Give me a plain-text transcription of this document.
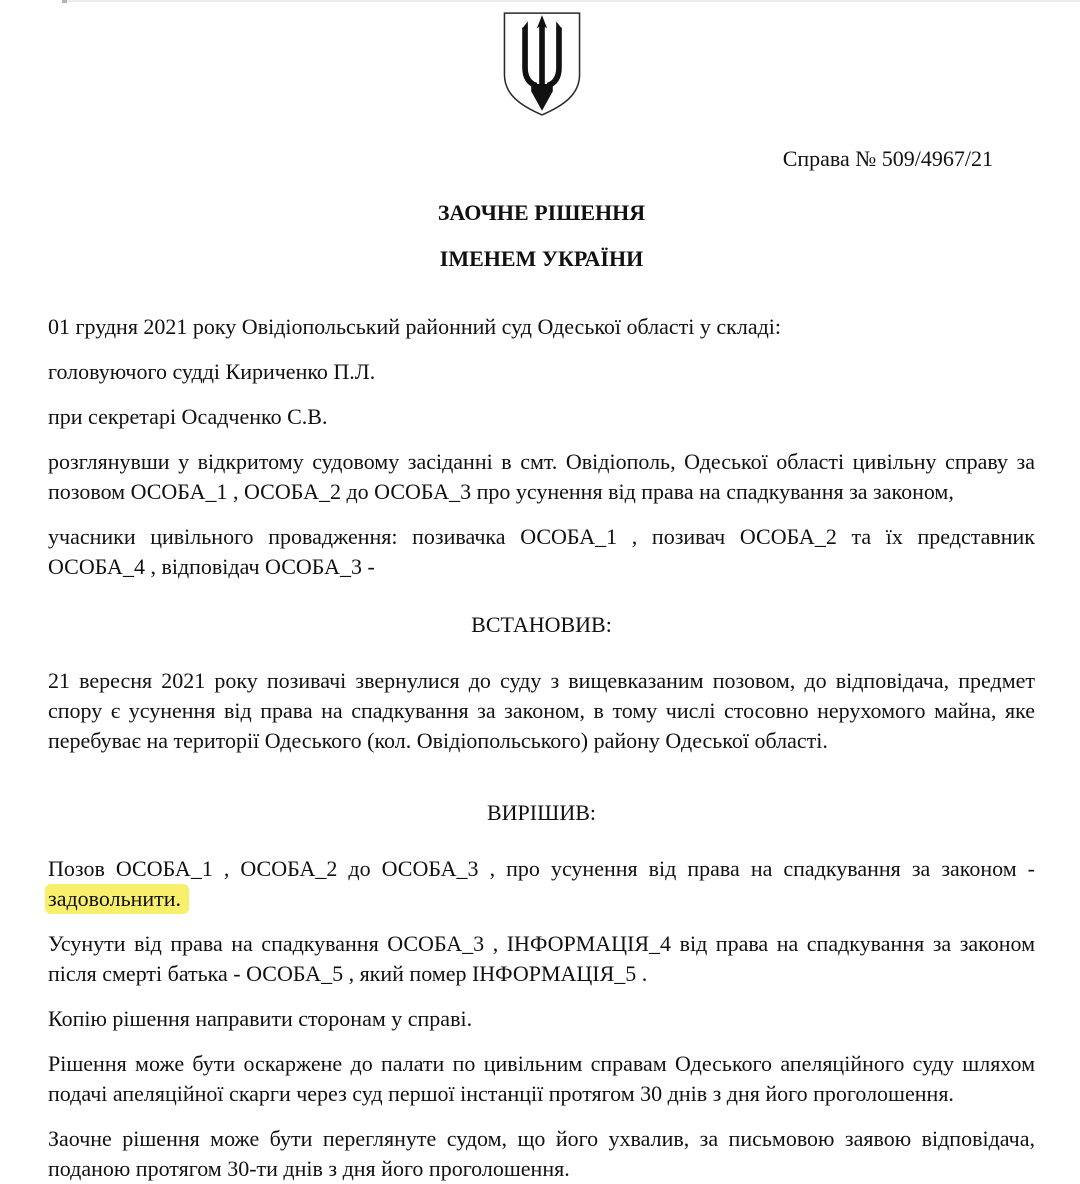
Справа № 509/4967/21
ЗАОЧНЕ РІШЕННЯ
ІМЕНЕМ УКРАЇНИ

01 грудня 2021 року Овідіопольський районний суд Одеської області у складі:

головуючого судді Кириченко П.Л.

при секретарі Осадченко С.В.

розглянувши у відкритому судовому засіданні в смт. Овідіополь, Одеської області цивільну справу за позовом ОСОБА_1 , ОСОБА_2 до ОСОБА_3 про усунення від права на спадкування за законом,

учасники цивільного провадження: позивачка ОСОБА_1 , позивач ОСОБА_2 та їх представник ОСОБА_4 , відповідач ОСОБА_3 -

ВСТАНОВИВ:

21 вересня 2021 року позивачі звернулися до суду з вищевказаним позовом, до відповідача, предмет спору є усунення від права на спадкування за законом, в тому числі стосовно нерухомого майна, яке перебуває на території Одеського (кол. Овідіопольського) району Одеської області.

ВИРІШИВ:

Позов ОСОБА_1 , ОСОБА_2 до ОСОБА_3 , про усунення від права на спадкування за законом - задовольнити.

Усунути від права на спадкування ОСОБА_3 , ІНФОРМАЦІЯ_4 від права на спадкування за законом після смерті батька - ОСОБА_5 , який помер ІНФОРМАЦІЯ_5 .

Копію рішення направити сторонам у справі.

Рішення може бути оскаржене до палати по цивільним справам Одеського апеляційного суду шляхом подачі апеляційної скарги через суд першої інстанції протягом 30 днів з дня його проголошення.

Заочне рішення може бути переглянуте судом, що його ухвалив, за письмовою заявою відповідача, поданою протягом 30-ти днів з дня його проголошення.
